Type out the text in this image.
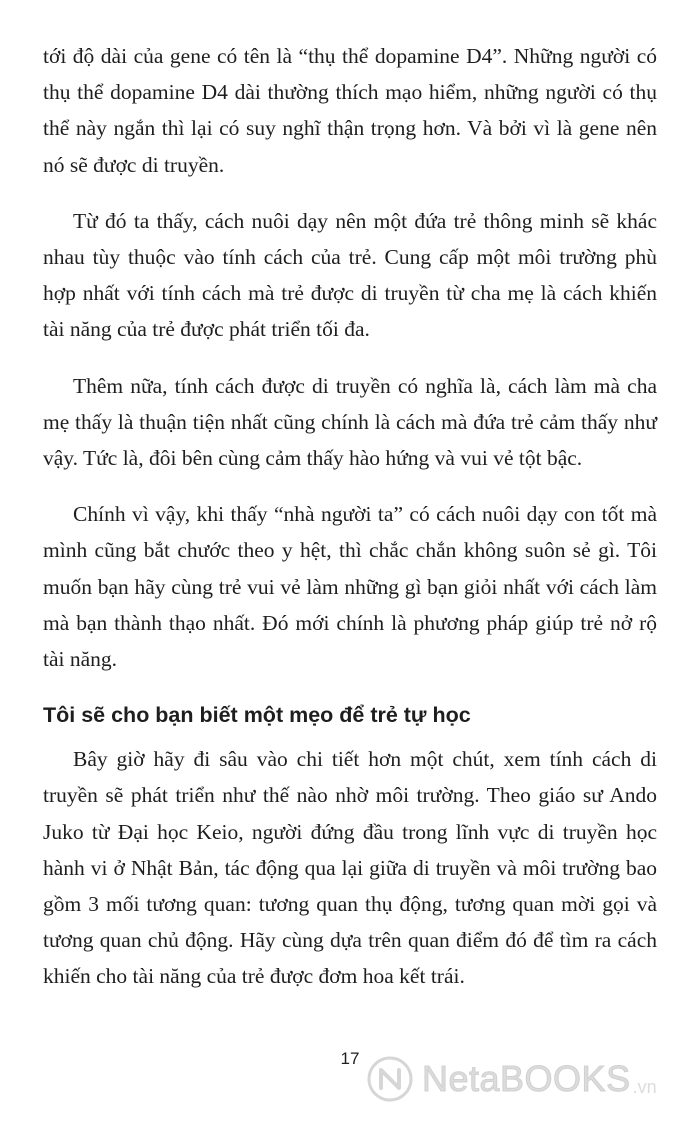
tới độ dài của gene có tên là “thụ thể dopamine D4”. Những người có thụ thể dopamine D4 dài thường thích mạo hiểm, những người có thụ thể này ngắn thì lại có suy nghĩ thận trọng hơn. Và bởi vì là gene nên nó sẽ được di truyền.

Từ đó ta thấy, cách nuôi dạy nên một đứa trẻ thông minh sẽ khác nhau tùy thuộc vào tính cách của trẻ. Cung cấp một môi trường phù hợp nhất với tính cách mà trẻ được di truyền từ cha mẹ là cách khiến tài năng của trẻ được phát triển tối đa.

Thêm nữa, tính cách được di truyền có nghĩa là, cách làm mà cha mẹ thấy là thuận tiện nhất cũng chính là cách mà đứa trẻ cảm thấy như vậy. Tức là, đôi bên cùng cảm thấy hào hứng và vui vẻ tột bậc.

Chính vì vậy, khi thấy “nhà người ta” có cách nuôi dạy con tốt mà mình cũng bắt chước theo y hệt, thì chắc chắn không suôn sẻ gì. Tôi muốn bạn hãy cùng trẻ vui vẻ làm những gì bạn giỏi nhất với cách làm mà bạn thành thạo nhất. Đó mới chính là phương pháp giúp trẻ nở rộ tài năng.

Tôi sẽ cho bạn biết một mẹo để trẻ tự học

Bây giờ hãy đi sâu vào chi tiết hơn một chút, xem tính cách di truyền sẽ phát triển như thế nào nhờ môi trường. Theo giáo sư Ando Juko từ Đại học Keio, người đứng đầu trong lĩnh vực di truyền học hành vi ở Nhật Bản, tác động qua lại giữa di truyền và môi trường bao gồm 3 mối tương quan: tương quan thụ động, tương quan mời gọi và tương quan chủ động. Hãy cùng dựa trên quan điểm đó để tìm ra cách khiến cho tài năng của trẻ được đơm hoa kết trái.

17	NetaBOOKS .vn
